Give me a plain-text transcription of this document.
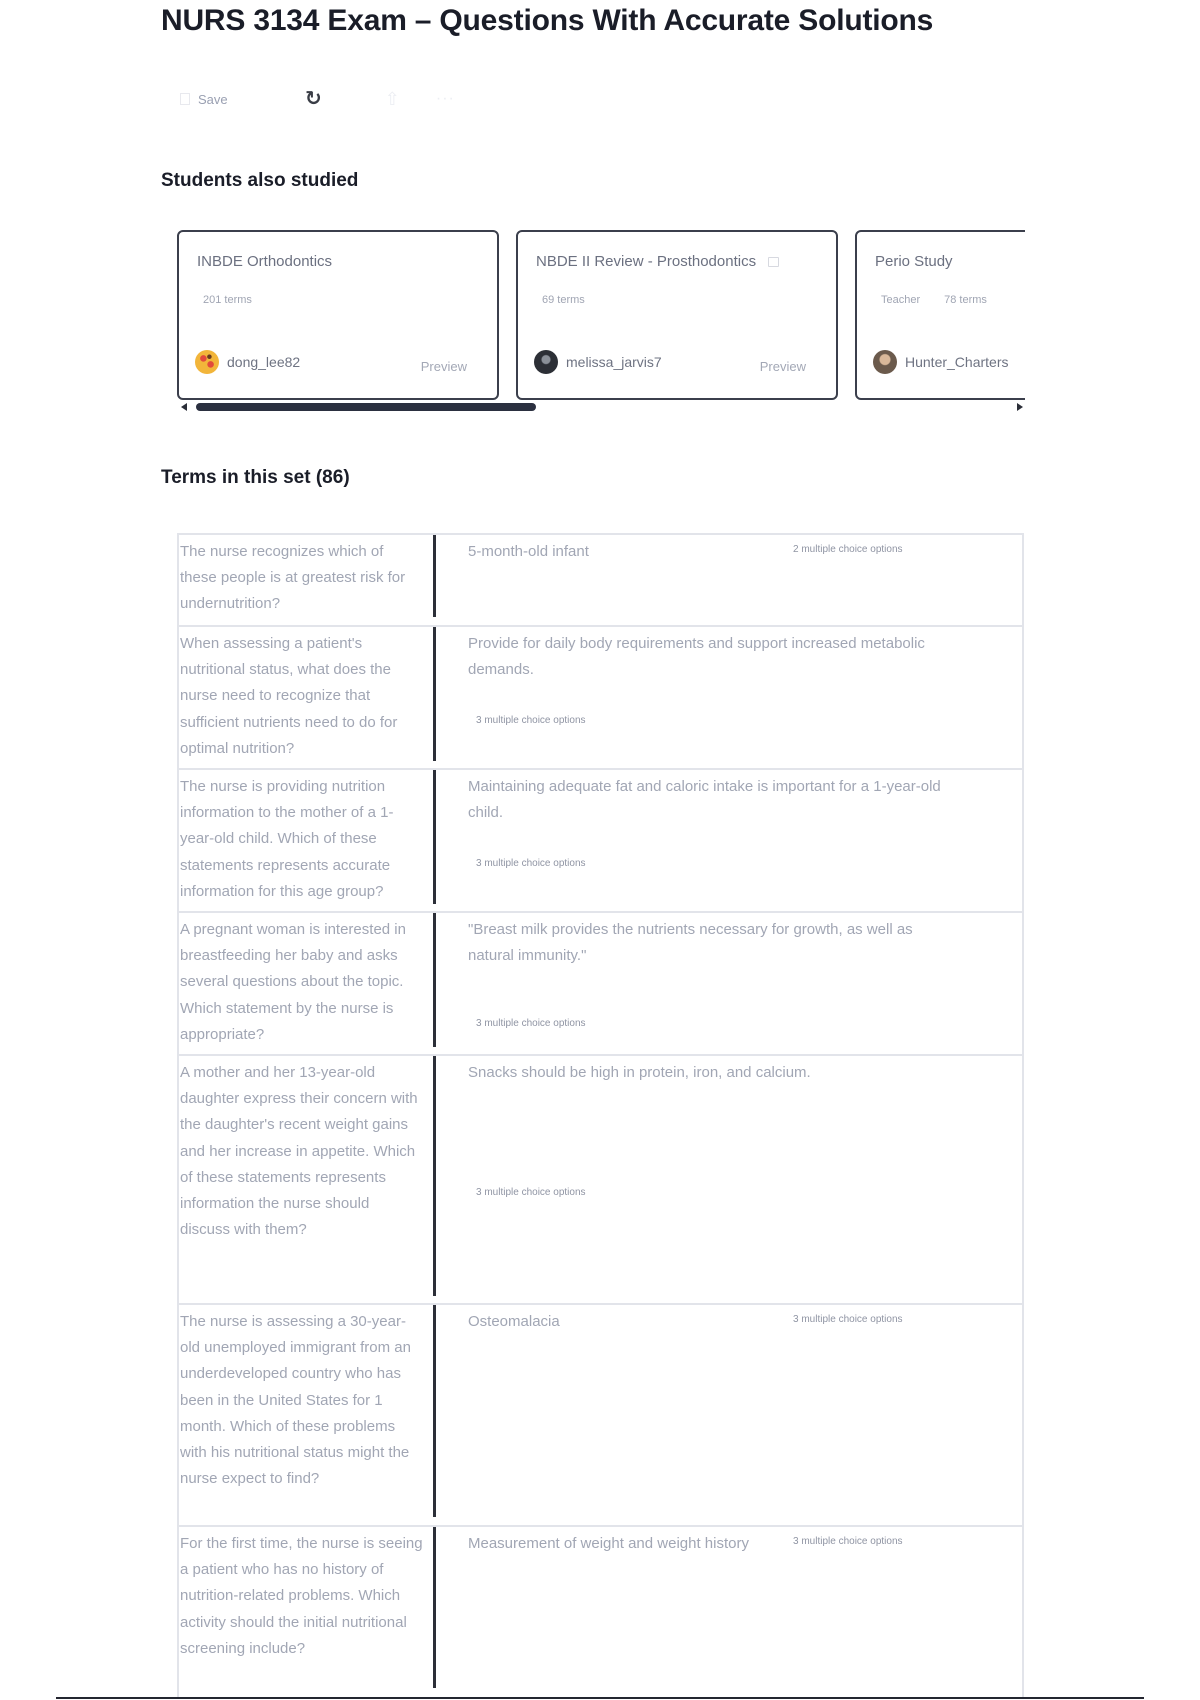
NURS 3134 Exam – Questions With Accurate Solutions
Save	↻	⇧ ···
Students also studied
INBDE Orthodontics
201 terms
dong_lee82	Preview
NBDE II Review - Prosthodontics
69 terms
melissa_jarvis7	Preview
Perio Study
Teacher 78 terms
Hunter_Charters
Terms in this set (86)
The nurse recognizes which of these people is at greatest risk for undernutrition?
5-month-old infant	2 multiple choice options
When assessing a patient's nutritional status, what does the nurse need to recognize that sufficient nutrients need to do for optimal nutrition?
Provide for daily body requirements and support increased metabolic demands.
3 multiple choice options
The nurse is providing nutrition information to the mother of a 1-year-old child. Which of these statements represents accurate information for this age group?
Maintaining adequate fat and caloric intake is important for a 1-year-old child.
3 multiple choice options
A pregnant woman is interested in breastfeeding her baby and asks several questions about the topic. Which statement by the nurse is appropriate?
"Breast milk provides the nutrients necessary for growth, as well as natural immunity."
3 multiple choice options
A mother and her 13-year-old daughter express their concern with the daughter's recent weight gains and her increase in appetite. Which of these statements represents information the nurse should discuss with them?
Snacks should be high in protein, iron, and calcium.
3 multiple choice options
The nurse is assessing a 30-year-old unemployed immigrant from an underdeveloped country who has been in the United States for 1 month. Which of these problems with his nutritional status might the nurse expect to find?
Osteomalacia	3 multiple choice options
For the first time, the nurse is seeing a patient who has no history of nutrition-related problems. Which activity should the initial nutritional screening include?
Measurement of weight and weight history	3 multiple choice options
